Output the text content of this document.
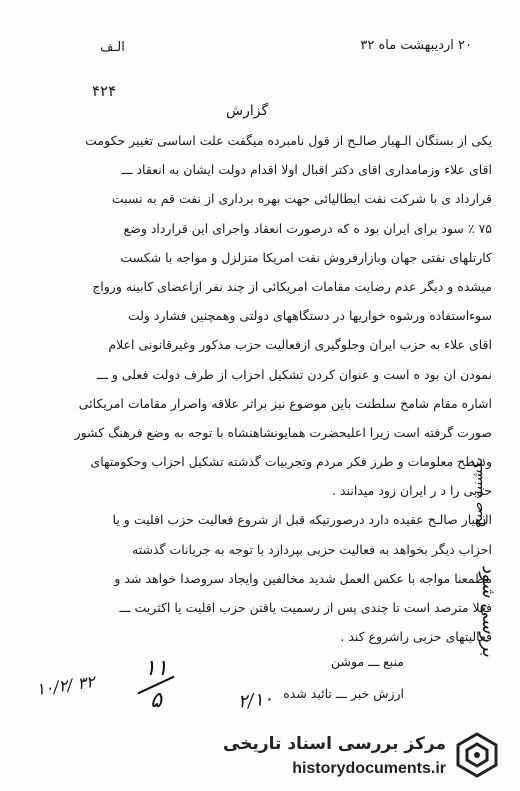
۲۰ اردیبهشت ماه ۳۲
الـف
۴۲۴
گزارش
یکی از بستگان الـهیار صالـح از قول نامبرده میگفت علت اساسی تغییر حکومت
اقای علاء وزمامداری اقای دکتر اقبال اولا اقدام دولت ایشان به انعقاد ـــ
قرارداد ی با شرکت نفت ایطالیائی جهت بهره برداری از نفت قم به نسبت
۷۵ ٪ سود برای ایران بود ه که درصورت انعقاد واجرای این قرارداد وضع
کارتلهای نفتی جهان وبازارفروش نفت امریکا متزلزل و مواجه با شکست
میشده و دیگر عدم رضایت مقامات امریکائی از چند نفر ازاعضای کابینه ورواج
سوءاستفاده ورشوه خواریها در دستگاههای دولتی وهمچنین فشارد ولت
اقای علاء به حزب ایران وجلوگیری ازفعالیت حزب مذکور وغیرقانونی اعلام
نمودن ان بود ه است و عنوان کردن تشکیل احزاب از طرف دولت فعلی و ـــ
اشاره مقام شامخ سلطنت باین موضوع نیز براثر علاقه واصرار مقامات امریکائی
صورت گرفته است زیرا اعلیحضرت همایونشاهنشاه با توجه به وضع فرهنگ کشور
وسطح معلومات و طرز فکر مردم وتجربیات گذشته تشکیل احزاب وحکومتهای
حزبی را د ر ایران زود میدانند .
الـهیار صالـح عقیده دارد درصورتیکه قبل از شروع فعالیت حزب اقلیت و یا
احزاب دیگر بخواهد به فعالیت حزبی بپردازد با توجه به جریانات گذشته
مطمعنا مواجه با عکس العمل شدید مخالفین وایجاد سروصدا خواهد شد و
فعلا مترصد است تا چندی پس از رسمیت یافتن حزب اقلیت یا اکثریت ـــ
فعالیتهای حزبی راشروع کند .
منبع ـــ موشن
ارزش خبر ـــ تائید شده
۱۱
۵
۱۰/۲/ ۳۲
۲/۱۰
یکشنبه صبح
بررسی شود
مرکز بررسی اسناد تاریخی
historydocuments.ir
